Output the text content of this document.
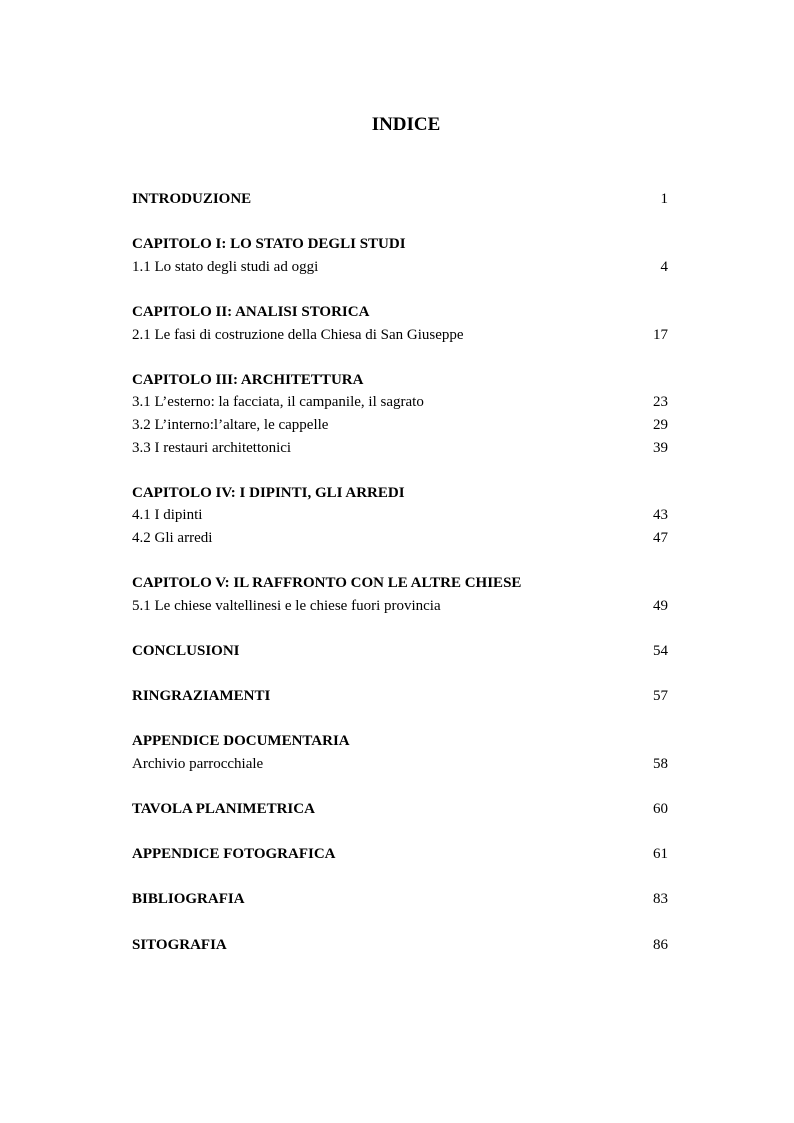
INDICE
INTRODUZIONE	1
CAPITOLO I: LO STATO DEGLI STUDI
1.1 Lo stato degli studi ad oggi	4
CAPITOLO II: ANALISI STORICA
2.1 Le fasi di costruzione della Chiesa di San Giuseppe	17
CAPITOLO III: ARCHITETTURA
3.1 L’esterno: la facciata, il campanile, il sagrato	23
3.2 L’interno:l’altare, le cappelle	29
3.3 I restauri architettonici	39
CAPITOLO IV: I DIPINTI, GLI ARREDI
4.1 I dipinti	43
4.2 Gli arredi	47
CAPITOLO V: IL RAFFRONTO CON LE ALTRE CHIESE
5.1 Le chiese valtellinesi e le chiese fuori provincia	49
CONCLUSIONI	54
RINGRAZIAMENTI	57
APPENDICE DOCUMENTARIA
Archivio parrocchiale	58
TAVOLA PLANIMETRICA	60
APPENDICE FOTOGRAFICA	61
BIBLIOGRAFIA	83
SITOGRAFIA	86
